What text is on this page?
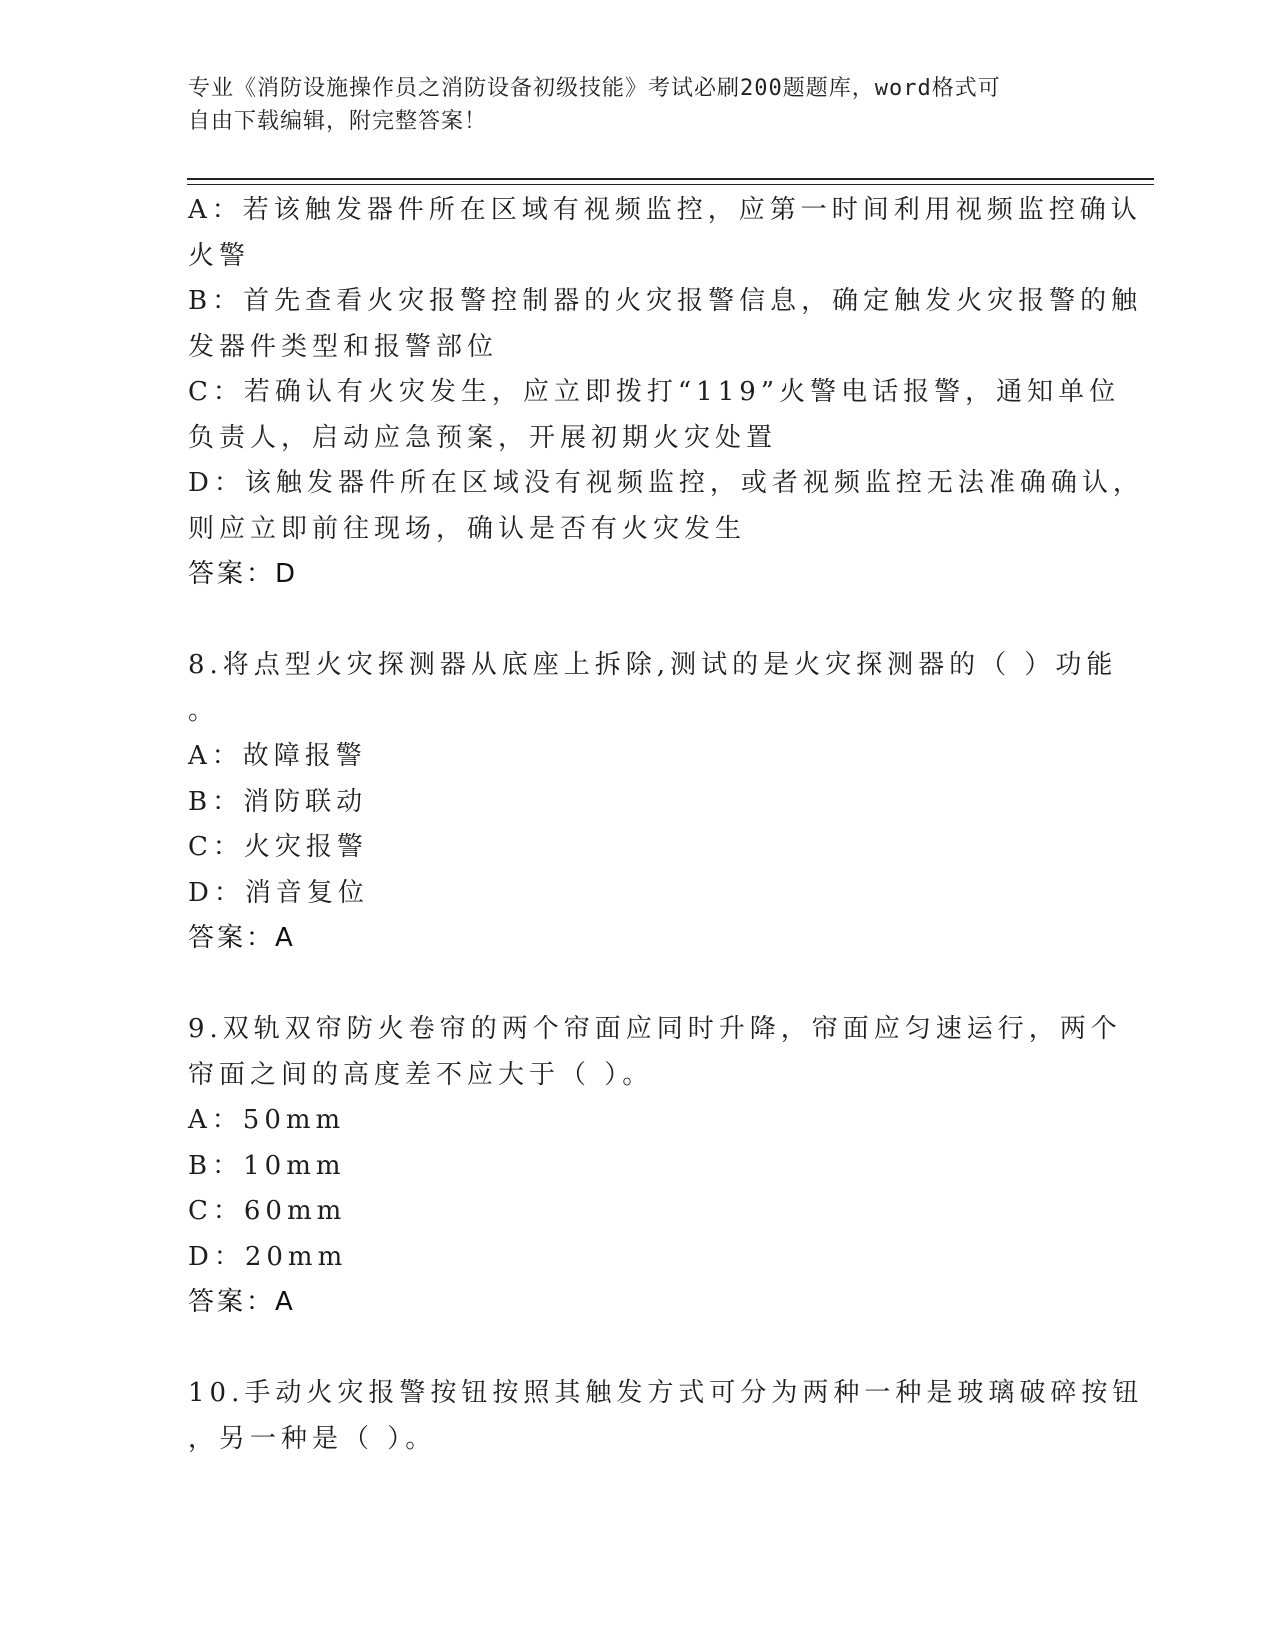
专业《消防设施操作员之消防设备初级技能》考试必刷200题题库，word格式可
自由下载编辑，附完整答案！
A：若该触发器件所在区域有视频监控，应第一时间利用视频监控确认
火警
B：首先查看火灾报警控制器的火灾报警信息，确定触发火灾报警的触
发器件类型和报警部位
C：若确认有火灾发生，应立即拨打“119”火警电话报警，通知单位
负责人，启动应急预案，开展初期火灾处置
D：该触发器件所在区域没有视频监控，或者视频监控无法准确确认，
则应立即前往现场，确认是否有火灾发生
答案：D
8.将点型火灾探测器从底座上拆除,测试的是火灾探测器的（ ）功能
。
A：故障报警
B：消防联动
C：火灾报警
D：消音复位
答案：A
9.双轨双帘防火卷帘的两个帘面应同时升降，帘面应匀速运行，两个
帘面之间的高度差不应大于（ ）。
A：50mm
B：10mm
C：60mm
D：20mm
答案：A
10.手动火灾报警按钮按照其触发方式可分为两种一种是玻璃破碎按钮
，另一种是（ ）。
